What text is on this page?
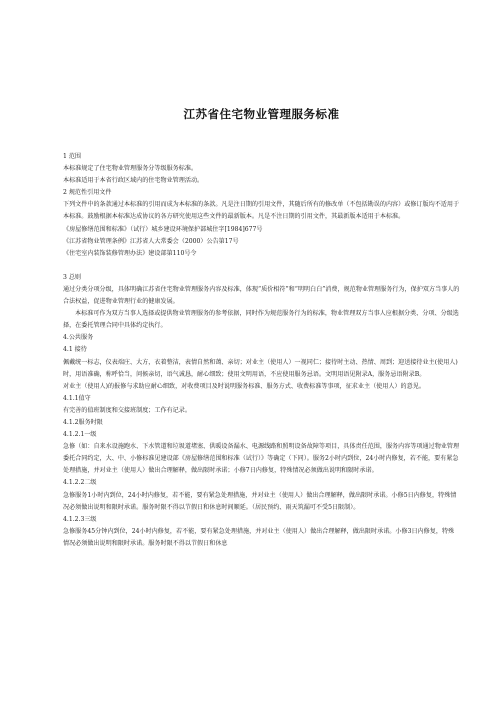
江苏省住宅物业管理服务标准

1 范围

本标准规定了住宅物业管理服务分等级服务标准。

本标准适用于本省行政区域内的住宅物业管理活动。

2 规范性引用文件

下列文件中的条款通过本标准的引用而成为本标准的条款。凡是注日期的引用文件，其随后所有的修改单（不包括勘误的内容）或修订版均不适用于本标准。鼓励根据本标准达成协议的各方研究使用这些文件的最新版本。凡是不注日期的引用文件，其最新版本适用于本标准。

《房屋修缮范围和标准》（试行）城乡建设环境保护部城住字[1984]677号

《江苏省物业管理条例》江苏省人大常委会（2000）公告第17号

《住宅室内装饰装修管理办法》建设部第110号令

3 总则

通过分类分项分级，具体明确江苏省住宅物业管理服务内容及标准，体现“质价相符”和“明明白白”消费，规范物业管理服务行为，保护双方当事人的合法权益，促进物业管理行业的健康发展。

本标准可作为双方当事人选择或提供物业管理服务的参考依据，同时作为规范服务行为的标准，物业管理双方当事人应根据分类、分项、分级选择，在委托管理合同中具体约定执行。

4.公共服务

4.1 接待

佩戴统一标志，仪表端庄、大方，衣着整洁，表情自然和蔼、亲切；对业主（使用人）一视同仁；接待时主动、热情、周到；迎送接待业主(使用人)时，用语准确，称呼恰当，问候亲切，语气诚恳，耐心细致；使用文明用语，不应使用服务忌语。文明用语见附录A，服务忌语附录B。

对业主（使用人)的报修与求助应耐心细致，对收费项目及时说明服务标准、服务方式、收费标准等事项，征求业主（使用人）的意见。

4.1.1值守

有完善的值班制度和交接班制度；工作有记录。

4.1.2服务时限

4.1.2.1一级

急修（如：自来水设施跑水、下水管道和垃圾道堵塞、供暖设备漏水、电源线路和照明设备故障等项目，具体责任范围，服务内容等项通过物业管理委托合同约定，大、中、小修标准见建设部《房屋修缮范围和标准（试行）》等确定（下同）。服务2小时内到位，24小时内修复，若不能，要有紧急处理措施，并对业主（使用人）做出合理解释，做出限时承诺；小修7日内修复，特殊情况必须做出说明和限时承诺。

4.1.2.2二级

急修服务1小时内到位，24小时内修复，若不能，要有紧急处理措施，并对业主（使用人）做出合理解释，做出限时承诺。小修5日内修复，特殊情况必须做出说明和限时承诺。服务时限不得以节假日和休息时间顺延。（居民预约、雨天筑漏可不受5日限制）。

4.1.2.3三级

急修服务45分钟内到位，24小时内修复，若不能，要有紧急处理措施，并对业主（使用人）做出合理解释，做出限时承诺。小修3日内修复，特殊情况必须做出说明和限时承诺。服务时限不得以节假日和休息
